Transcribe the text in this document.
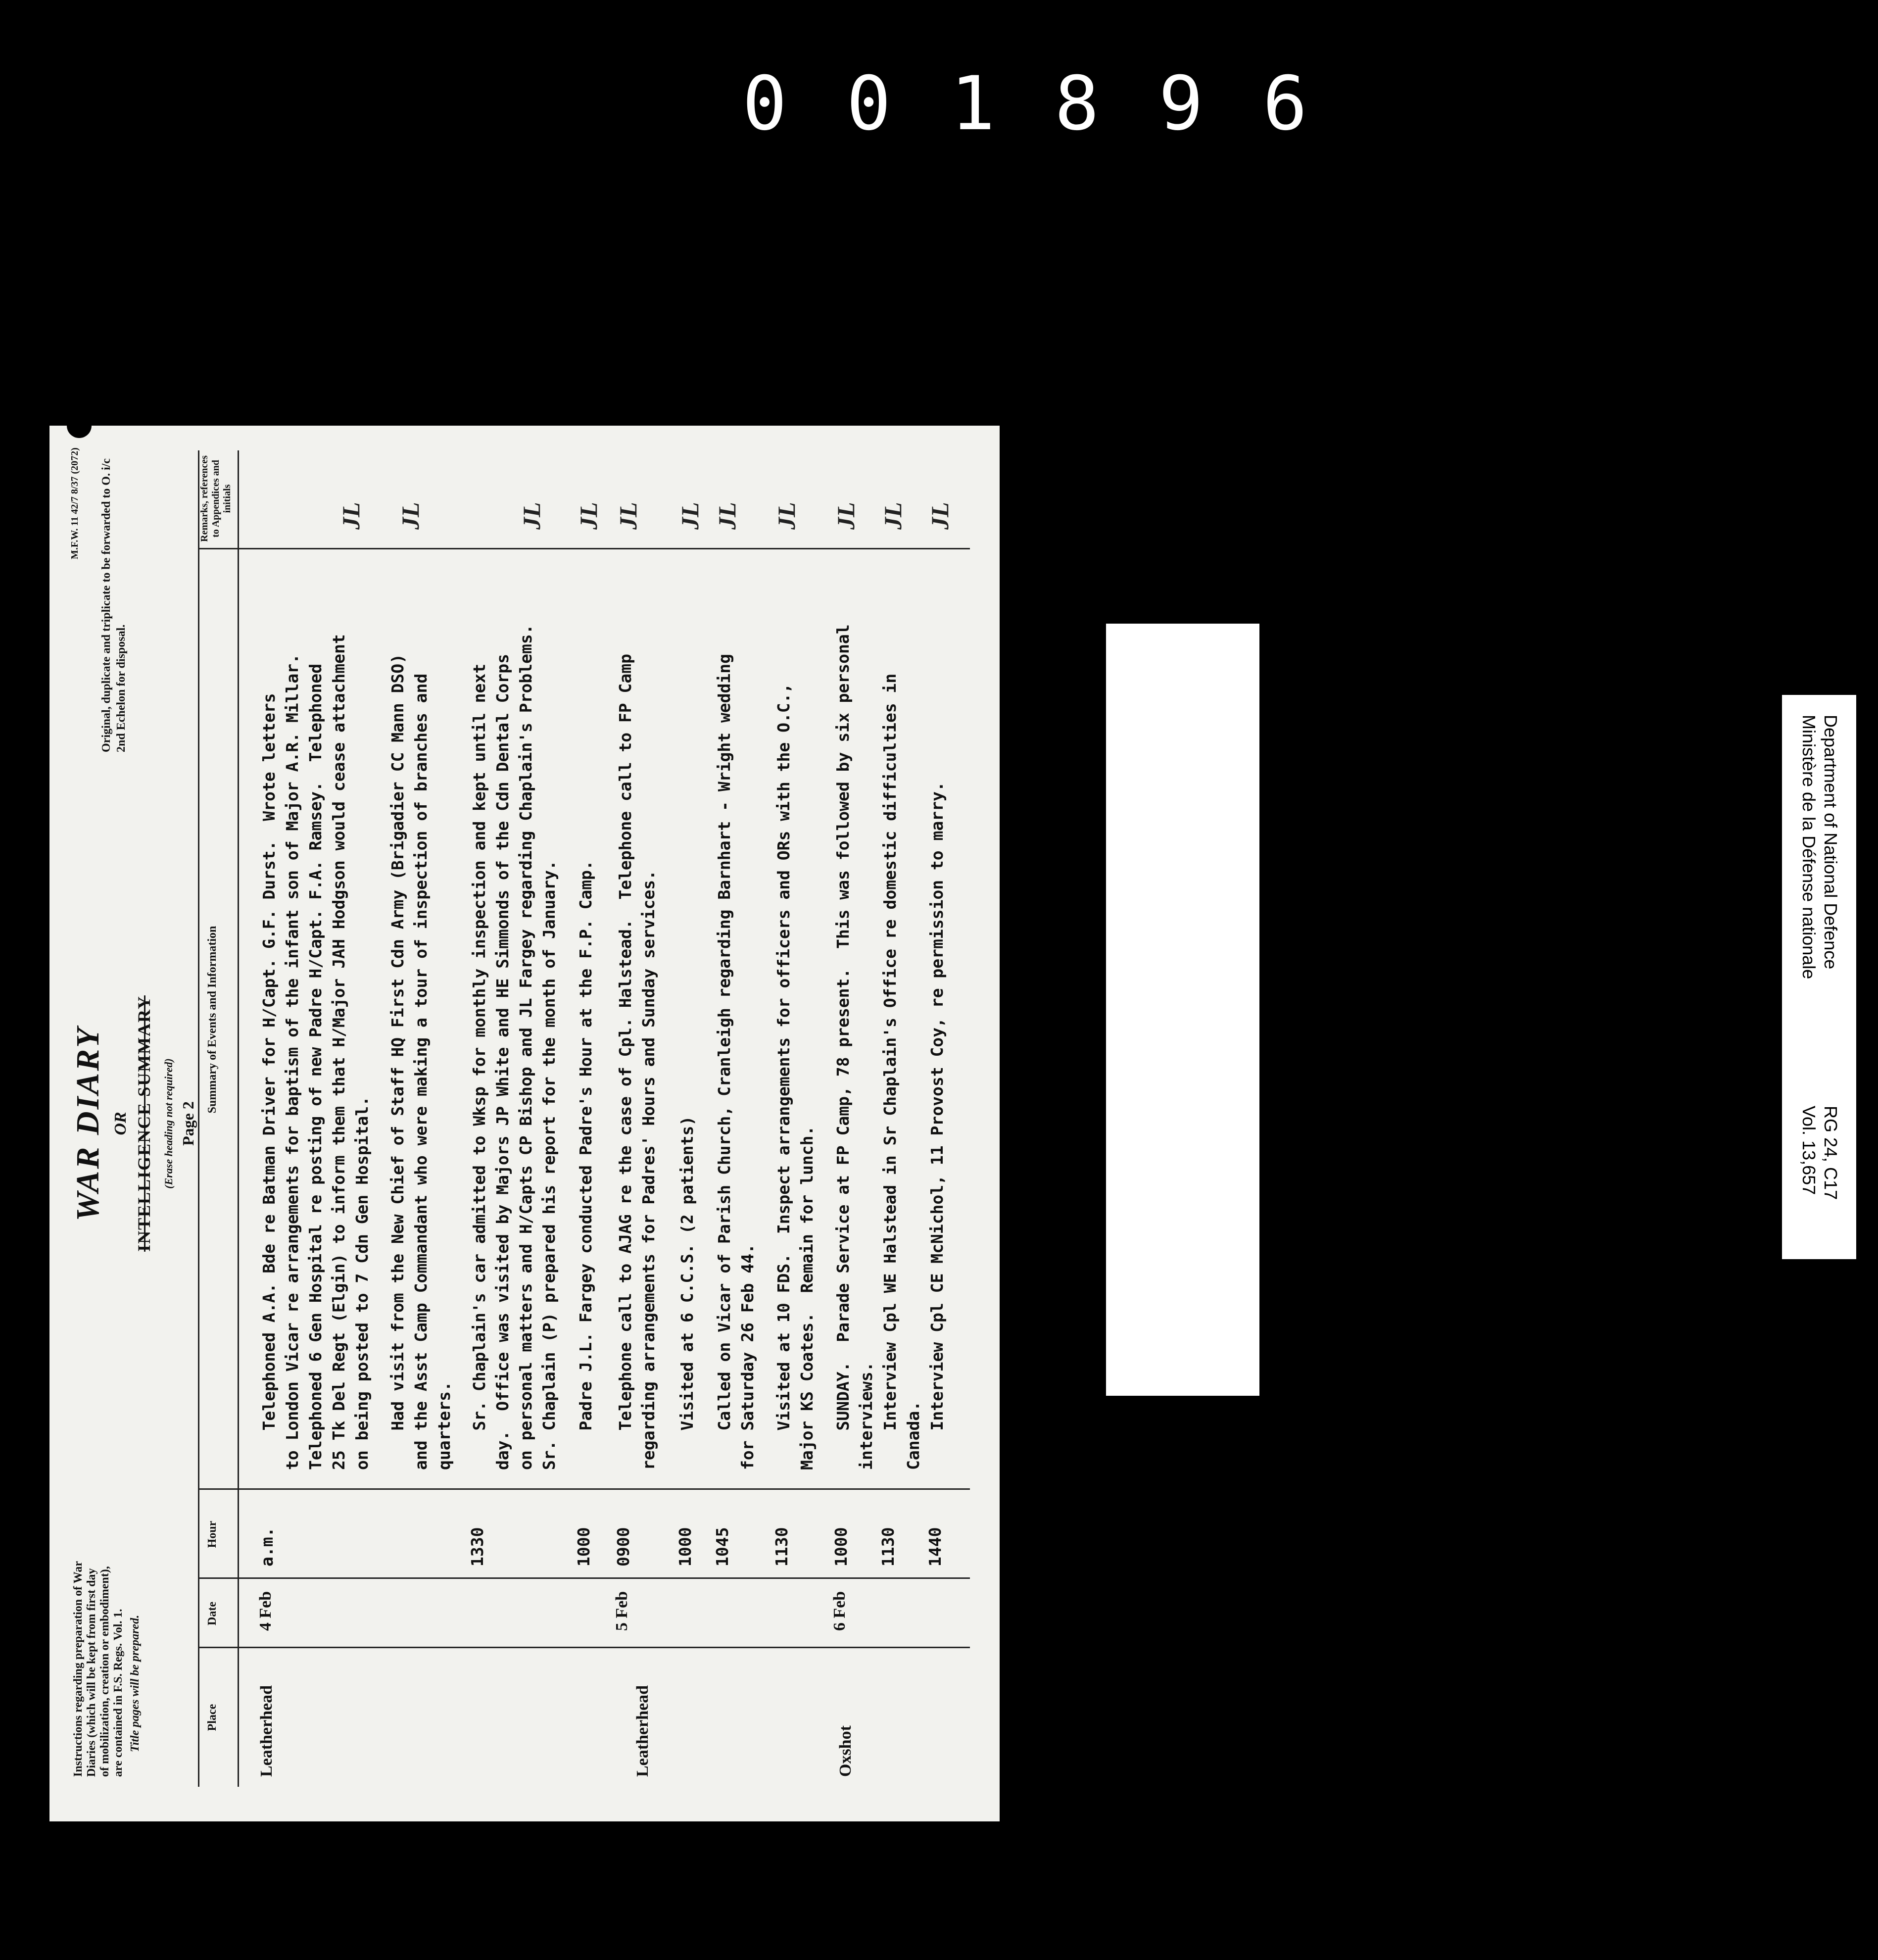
001896
Department of National Defence
Ministère de la Défense nationale
RG 24, C17
Vol. 13,657
PUBLIC ARCHIVES
ARCHIVES PUBLIQUES
CANADA
Instructions regarding preparation of War Diaries (which will be kept from first day of mobilization, creation or embodiment), are contained in F.S. Regs. Vol. 1. Title pages will be prepared.
M.F.W. 11 42/7 8/37 (2072) Original, duplicate and triplicate to be forwarded to O. i/c 2nd Echelon for disposal.
WAR DIARY OR INTELLIGENCE SUMMARY (Erase heading not required) Page 2
Place
Date
Hour
Summary of Events and Information
Remarks, references to Appendices and initials
Leatherhead
4 Feb
a.m.
Telephoned A.A. Bde re Batman Driver for H/Capt. G.F. Durst.  Wrote letters
to London Vicar re arrangements for baptism of the infant son of Major A.R. Millar.
Telephoned 6 Gen Hospital re posting of new Padre H/Capt. F.A. Ramsey.  Telephoned
25 Tk Del Regt (Elgin) to inform them that H/Major JAH Hodgson would cease attachment
on being posted to 7 Cdn Gen Hospital.
JL
Had visit from the New Chief of Staff HQ First Cdn Army (Brigadier CC Mann DSO)
and the Asst Camp Commandant who were making a tour of inspection of branches and
quarters.
JL
1330
Sr. Chaplain's car admitted to Wksp for monthly inspection and kept until next
day.  Office was visited by Majors JP White and HE Simmonds of the Cdn Dental Corps
on personal matters and H/Capts CP Bishop and JL Fargey regarding Chaplain's Problems.
Sr. Chaplain (P) prepared his report for the month of January.
JL
1000
Padre J.L. Fargey conducted Padre's Hour at the F.P. Camp.
JL
Leatherhead
5 Feb
0900
Telephone call to AJAG re the case of Cpl. Halstead.  Telephone call to FP Camp
regarding arrangements for Padres' Hours and Sunday services.
JL
1000
Visited at 6 C.C.S. (2 patients)
JL
1045
Called on Vicar of Parish Church, Cranleigh regarding Barnhart - Wright wedding
for Saturday 26 Feb 44.
JL
1130
Visited at 10 FDS.  Inspect arrangements for officers and ORs with the O.C.,
Major KS Coates.  Remain for lunch.
JL
Oxshot
6 Feb
1000
SUNDAY.  Parade Service at FP Camp, 78 present.  This was followed by six personal
interviews.
JL
1130
Interview Cpl WE Halstead in Sr Chaplain's Office re domestic difficulties in
Canada.
JL
1440
Interview Cpl CE McNichol, 11 Provost Coy, re permission to marry.
JL
